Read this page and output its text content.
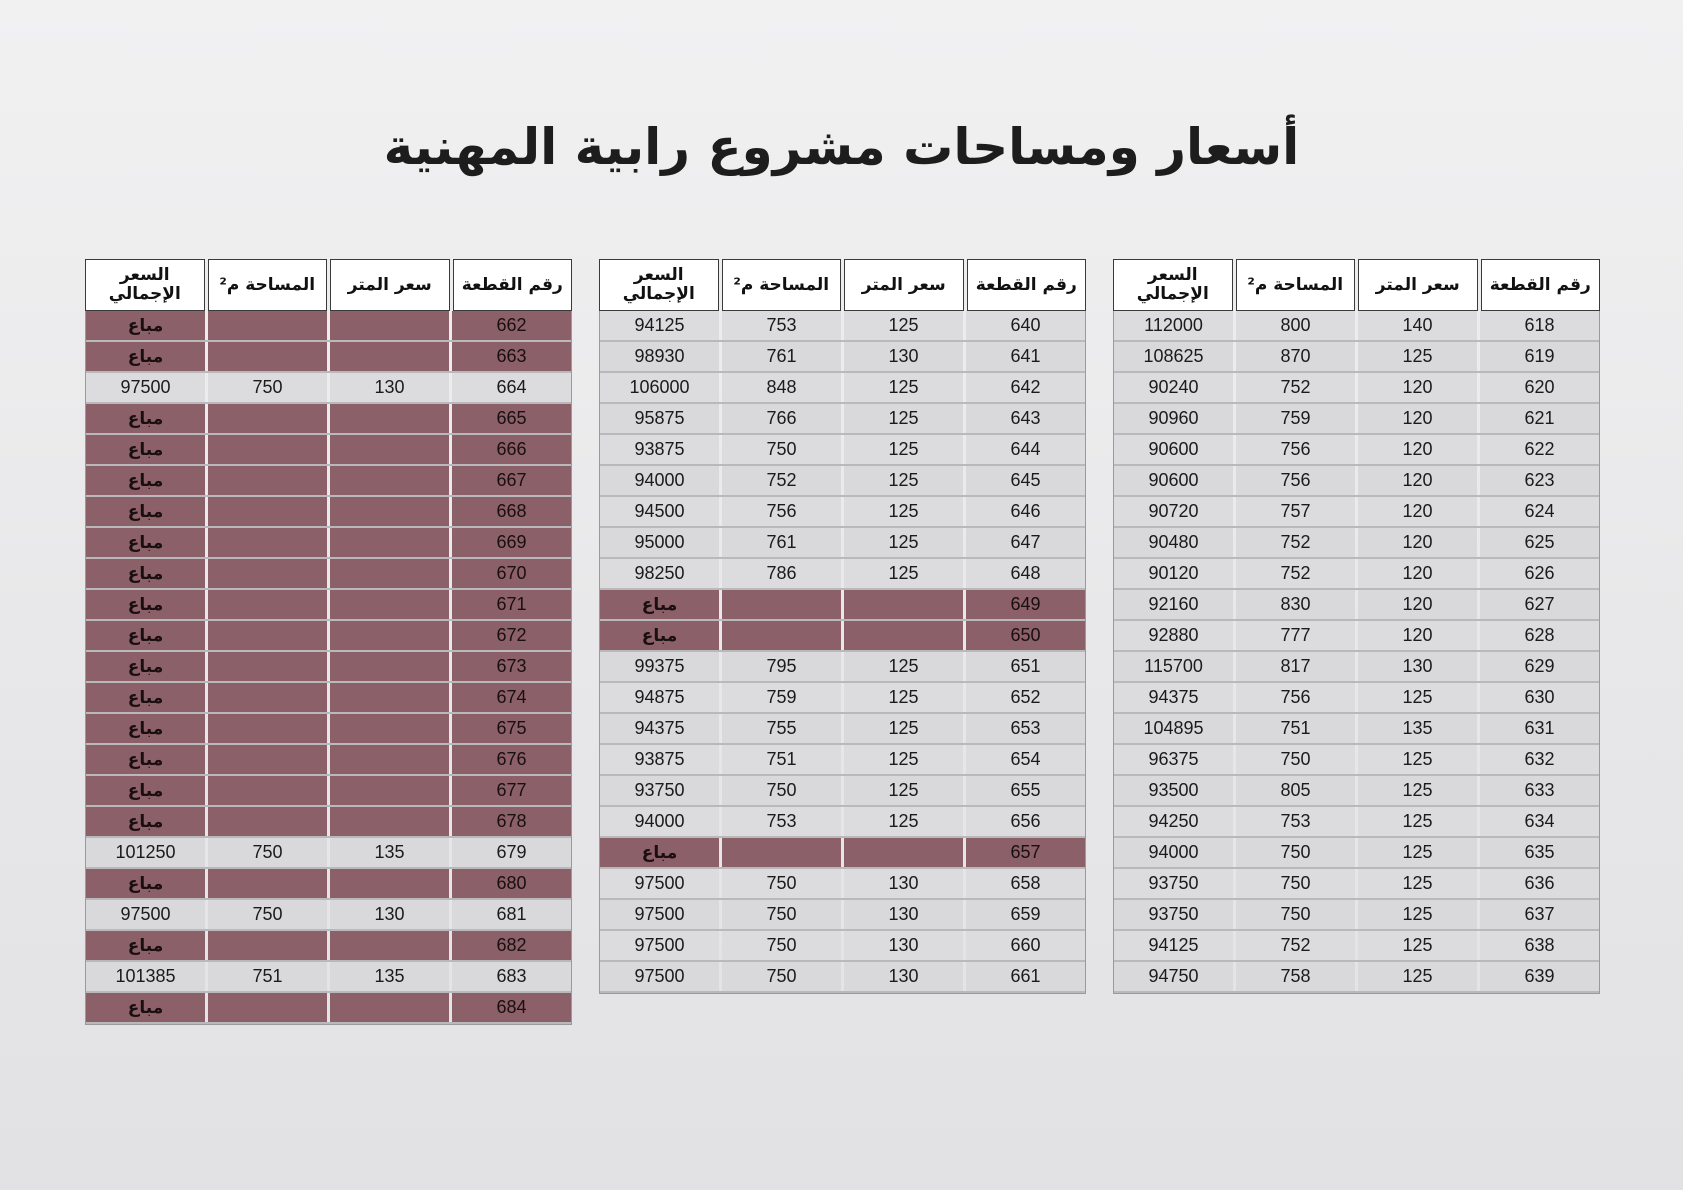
أسعار ومساحات مشروع رابية المهنية
رقم القطعة
سعر المتر
المساحة م²
السعر الإجمالي
618
140
800
112000
619
125
870
108625
620
120
752
90240
621
120
759
90960
622
120
756
90600
623
120
756
90600
624
120
757
90720
625
120
752
90480
626
120
752
90120
627
120
830
92160
628
120
777
92880
629
130
817
115700
630
125
756
94375
631
135
751
104895
632
125
750
96375
633
125
805
93500
634
125
753
94250
635
125
750
94000
636
125
750
93750
637
125
750
93750
638
125
752
94125
639
125
758
94750
رقم القطعة
سعر المتر
المساحة م²
السعر الإجمالي
640
125
753
94125
641
130
761
98930
642
125
848
106000
643
125
766
95875
644
125
750
93875
645
125
752
94000
646
125
756
94500
647
125
761
95000
648
125
786
98250
649
مباع
650
مباع
651
125
795
99375
652
125
759
94875
653
125
755
94375
654
125
751
93875
655
125
750
93750
656
125
753
94000
657
مباع
658
130
750
97500
659
130
750
97500
660
130
750
97500
661
130
750
97500
رقم القطعة
سعر المتر
المساحة م²
السعر الإجمالي
662
مباع
663
مباع
664
130
750
97500
665
مباع
666
مباع
667
مباع
668
مباع
669
مباع
670
مباع
671
مباع
672
مباع
673
مباع
674
مباع
675
مباع
676
مباع
677
مباع
678
مباع
679
135
750
101250
680
مباع
681
130
750
97500
682
مباع
683
135
751
101385
684
مباع
